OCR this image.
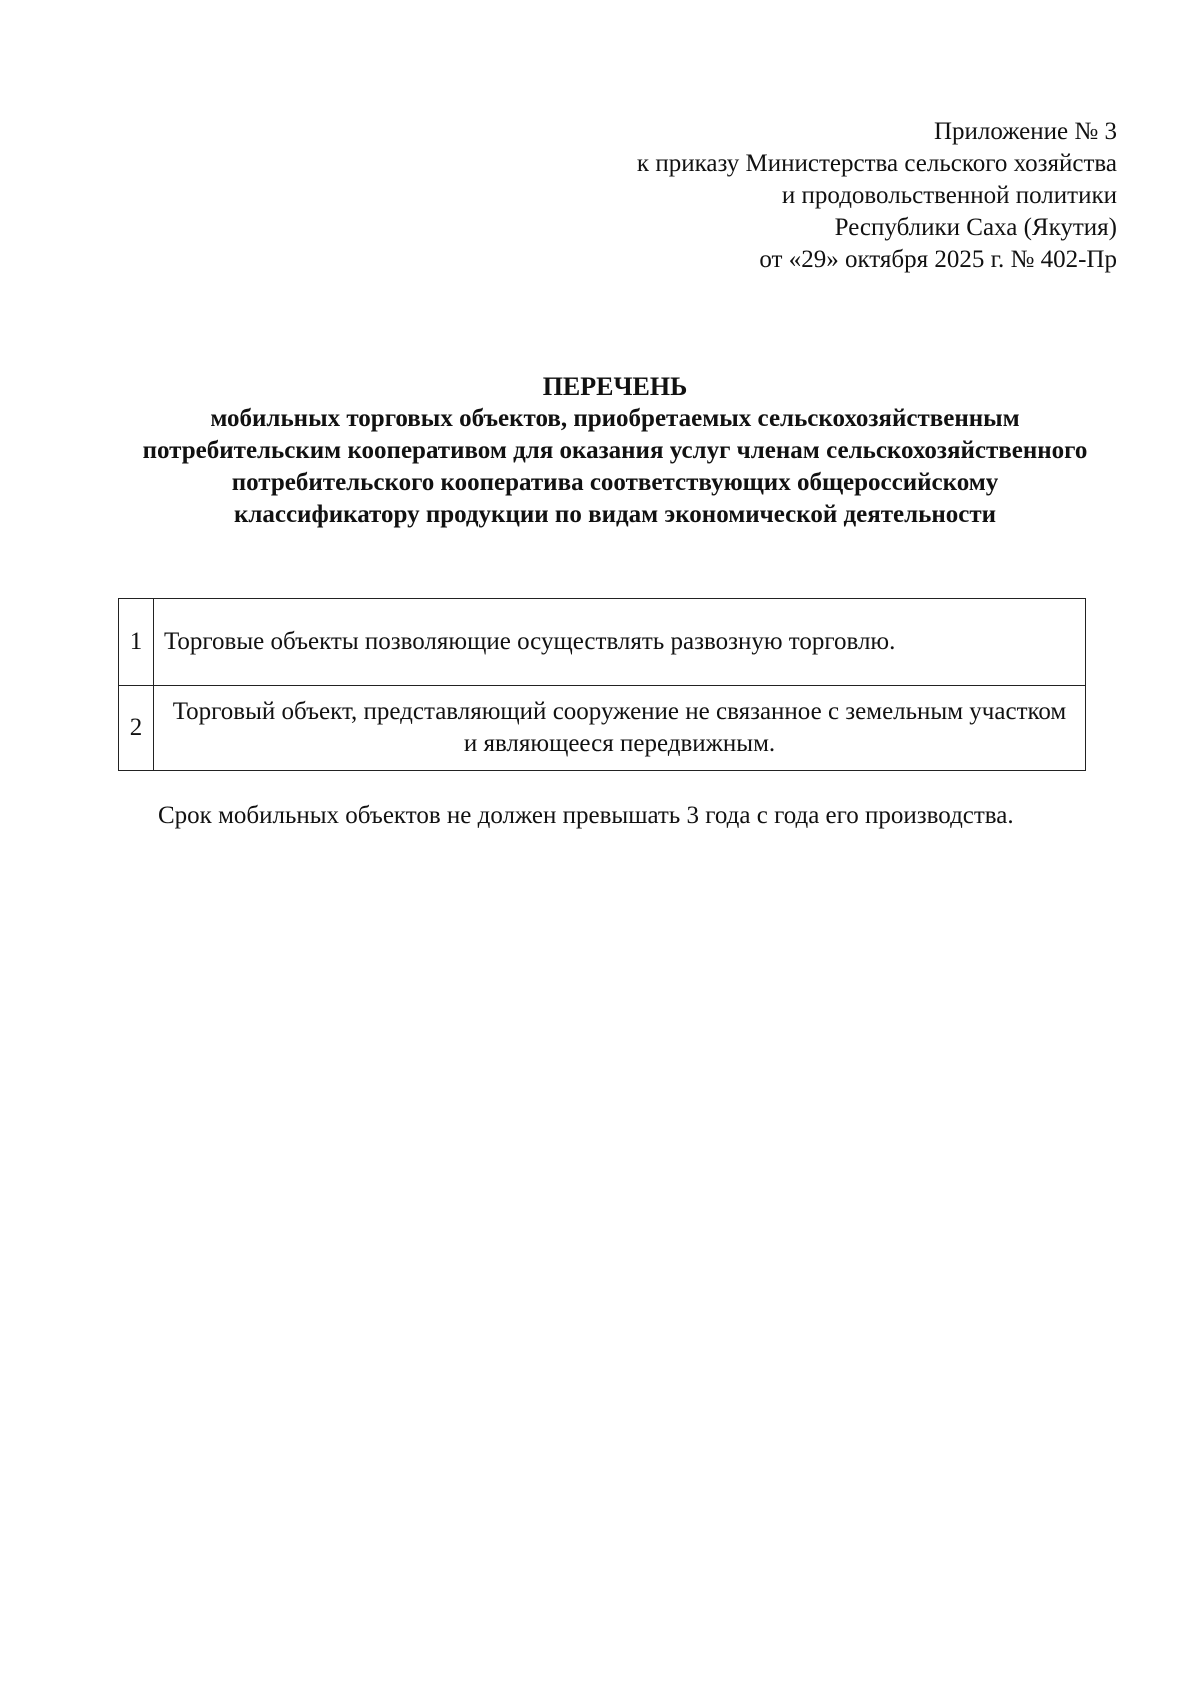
Приложение № 3
к приказу Министерства сельского хозяйства
и продовольственной политики
Республики Саха (Якутия)
от «29» октября 2025 г. № 402-Пр
ПЕРЕЧЕНЬ
мобильных торговых объектов, приобретаемых сельскохозяйственным потребительским кооперативом для оказания услуг членам сельскохозяйственного потребительского кооператива соответствующих общероссийскому классификатору продукции по видам экономической деятельности
1	Торговые объекты позволяющие осуществлять развозную торговлю.
2	Торговый объект, представляющий сооружение не связанное с земельным участком и являющееся передвижным.
Срок мобильных объектов не должен превышать 3 года с года его производства.
